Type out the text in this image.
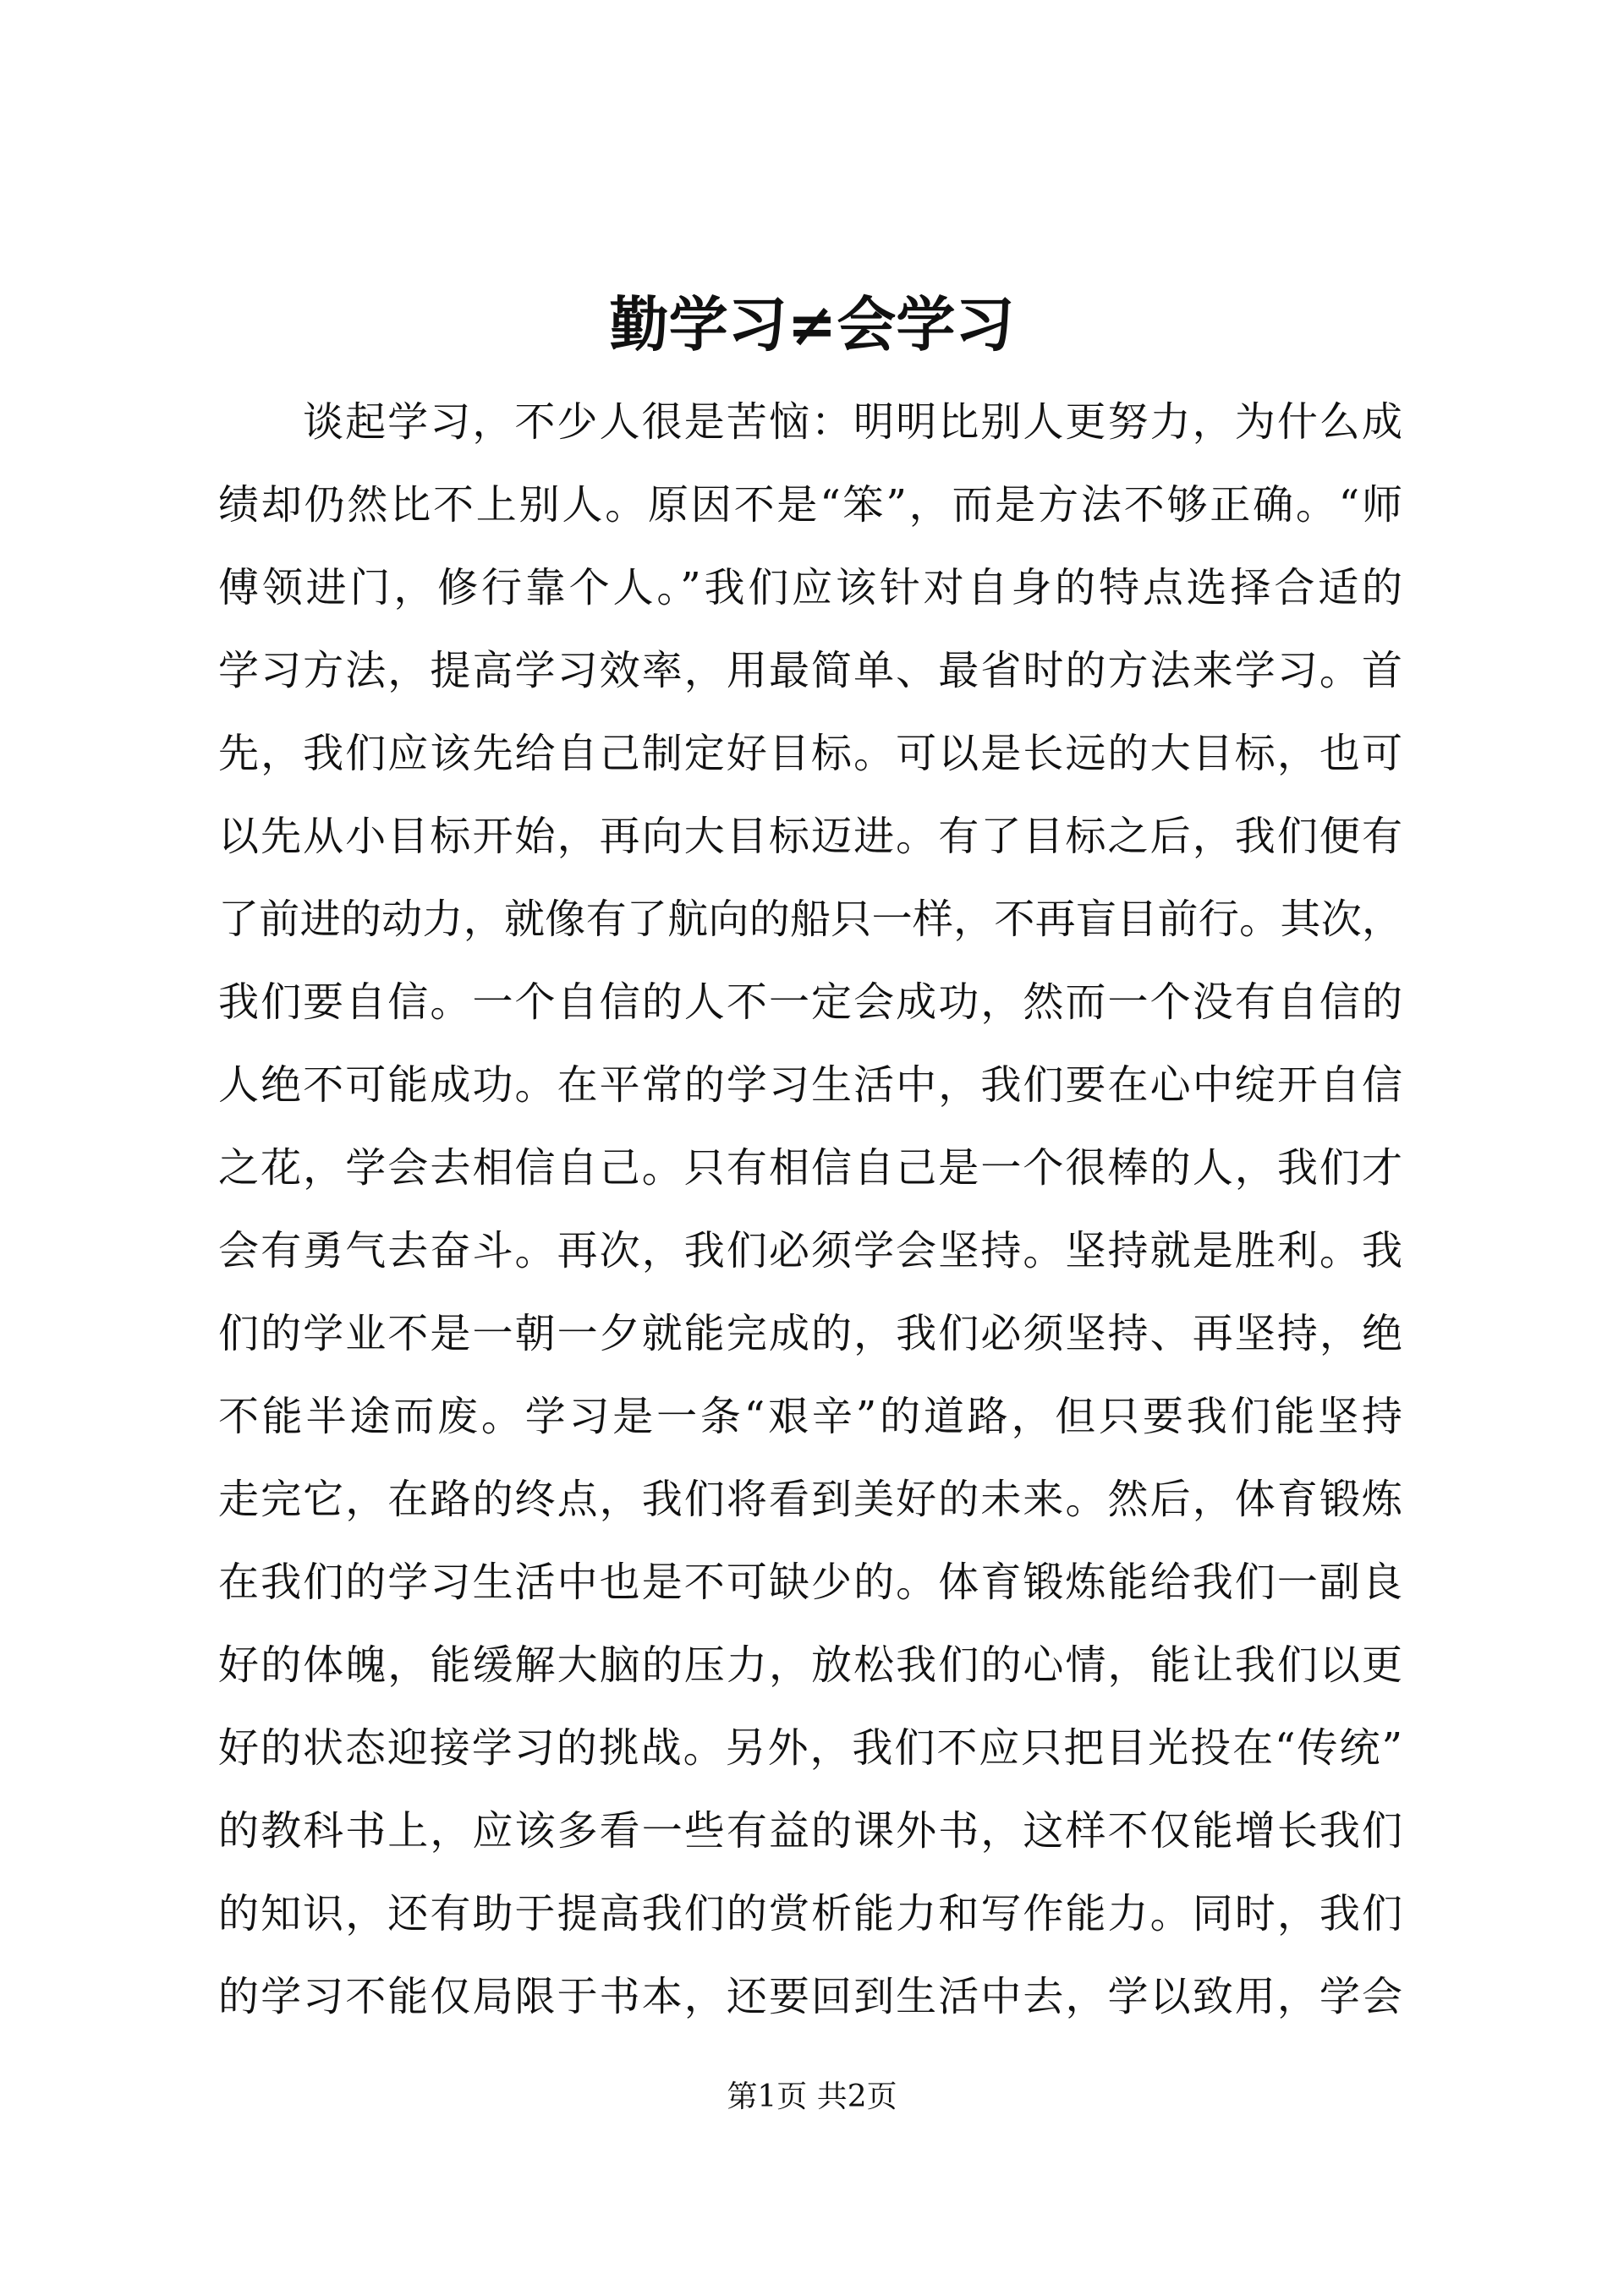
勤学习≠会学习
谈起学习，不少人很是苦恼：明明比别人更努力，为什么成
绩却仍然比不上别人。原因不是“笨”，而是方法不够正确。“师
傅领进门，修行靠个人。”我们应该针对自身的特点选择合适的
学习方法，提高学习效率，用最简单、最省时的方法来学习。首
先，我们应该先给自己制定好目标。可以是长远的大目标，也可
以先从小目标开始，再向大目标迈进。有了目标之后，我们便有
了前进的动力，就像有了航向的船只一样，不再盲目前行。其次，
我们要自信。一个自信的人不一定会成功，然而一个没有自信的
人绝不可能成功。在平常的学习生活中，我们要在心中绽开自信
之花，学会去相信自己。只有相信自己是一个很棒的人，我们才
会有勇气去奋斗。再次，我们必须学会坚持。坚持就是胜利。我
们的学业不是一朝一夕就能完成的，我们必须坚持、再坚持，绝
不能半途而废。学习是一条“艰辛”的道路，但只要我们能坚持
走完它，在路的终点，我们将看到美好的未来。然后，体育锻炼
在我们的学习生活中也是不可缺少的。体育锻炼能给我们一副良
好的体魄，能缓解大脑的压力，放松我们的心情，能让我们以更
好的状态迎接学习的挑战。另外，我们不应只把目光投在“传统”
的教科书上，应该多看一些有益的课外书，这样不仅能增长我们
的知识，还有助于提高我们的赏析能力和写作能力。同时，我们
的学习不能仅局限于书本，还要回到生活中去，学以致用，学会
第1页 共2页
